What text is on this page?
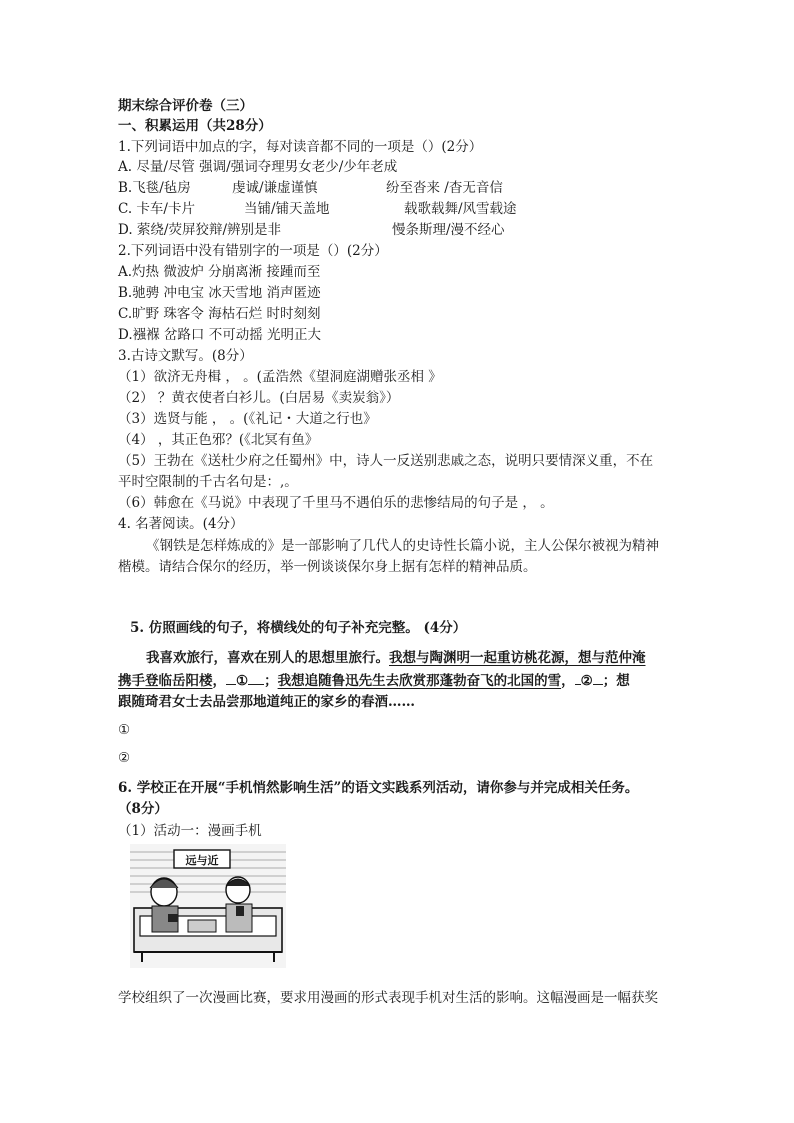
期末综合评价卷（三）
一、积累运用（共28分）
1.下列词语中加点的字，每对读音都不同的一项是（）(2分）
A. 尽量/尽管 强调/强词夺理男女老少/少年老成
B.飞毯/毡房	虔诚/谦虚谨慎	纷至沓来 /杳无音信
C. 卡车/卡片	当铺/铺天盖地	载歌载舞/风雪载途
D. 萦绕/荧屏狡辩/辨别是非	慢条斯理/漫不经心
2.下列词语中没有错别字的一项是（）(2分）
A.灼热 微波炉 分崩离淅 接踵而至
B.驰骋 冲电宝 冰天雪地 消声匿迹
C.旷野 珠客令 海枯石烂 时时刻刻
D.襁褓 岔路口 不可动摇 光明正大
3.古诗文默写。(8分）
（1）欲济无舟楫 ， 。(孟浩然《望洞庭湖赠张丞相 》
（2） ？黄衣使者白衫儿。(白居易《卖炭翁》）
（3）选贤与能 ， 。(《礼记・大道之行也》
（4） ，其正色邪？(《北冥有鱼》
（5）王勃在《送杜少府之任蜀州》中，诗人一反送别悲戚之态，说明只要情深义重，不在
平时空限制的千古名句是：,。
（6）韩愈在《马说》中表现了千里马不遇伯乐的悲惨结局的句子是 ， 。
4. 名著阅读。(4分）
《钢铁是怎样炼成的》是一部影响了几代人的史诗性长篇小说，主人公保尔被视为精神
楷模。请结合保尔的经历，举一例谈谈保尔身上据有怎样的精神品质。
5. 仿照画线的句子，将横线处的句子补充完整。 (4分）
我喜欢旅行，喜欢在别人的思想里旅行。我想与陶渊明一起重访桃花源，想与范仲淹
携手登临岳阳楼， ① ；我想追随鲁迅先生去欣赏那蓬勃奋飞的北国的雪， ② ；想
跟随琦君女士去品尝那地道纯正的家乡的春酒……
①
②
6. 学校正在开展“手机悄然影响生活”的语文实践系列活动，请你参与并完成相关任务。
（8分）
（1）活动一：漫画手机
远与近
学校组织了一次漫画比赛，要求用漫画的形式表现手机对生活的影响。这幅漫画是一幅获奖
